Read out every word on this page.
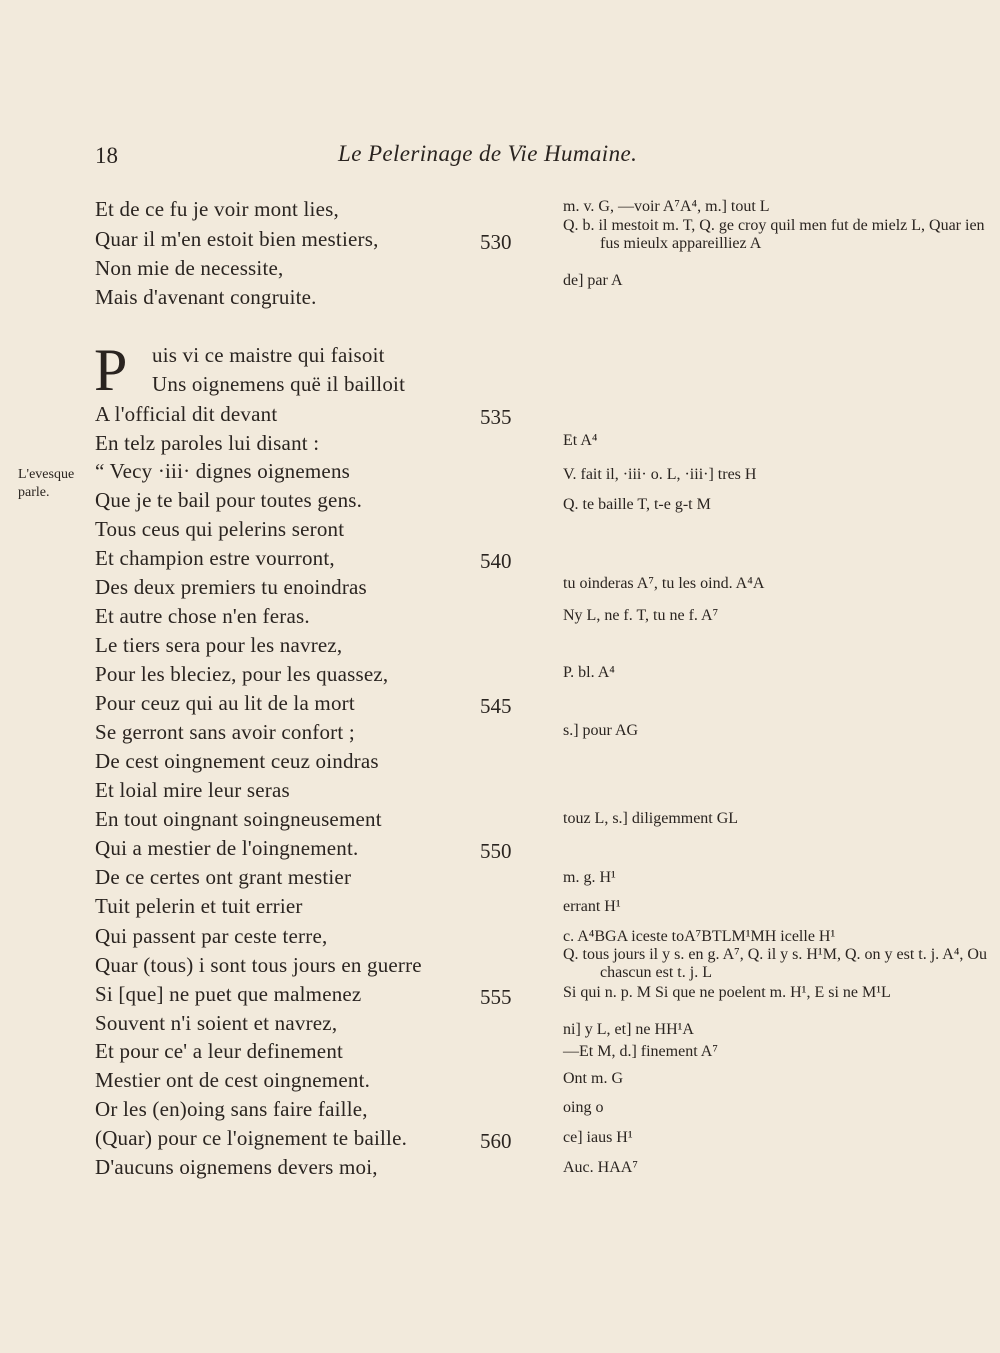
18	Le Pelerinage de Vie Humaine.
L'evesque parle.
P
Et de ce fu je voir mont lies,
Quar il m'en estoit bien mestiers,	530
Non mie de necessite,
Mais d'avenant congruite.
uis vi ce maistre qui faisoit
Uns oignemens quë il bailloit
A l'official dit devant	535
En telz paroles lui disant :
“ Vecy ·iii· dignes oignemens
Que je te bail pour toutes gens.
Tous ceus qui pelerins seront
Et champion estre vourront,	540
Des deux premiers tu enoindras
Et autre chose n'en feras.
Le tiers sera pour les navrez,
Pour les bleciez, pour les quassez,
Pour ceuz qui au lit de la mort	545
Se gerront sans avoir confort ;
De cest oingnement ceuz oindras
Et loial mire leur seras
En tout oingnant soingneusement
Qui a mestier de l'oingnement.	550
De ce certes ont grant mestier
Tuit pelerin et tuit errier
Qui passent par ceste terre,
Quar (tous) i sont tous jours en guerre
Si [que] ne puet que malmenez	555
Souvent n'i soient et navrez,
Et pour ce' a leur definement
Mestier ont de cest oingnement.
Or les (en)oing sans faire faille,
(Quar) pour ce l'oignement te baille.	560
D'aucuns oignemens devers moi,
m. v. G, —voir A⁷A⁴, m.] tout L
Q. b. il mestoit m. T, Q. ge croy quil men fut de mielz L, Quar ien fus mieulx appareilliez A
de] par A
Et A⁴
V. fait il, ·iii· o. L, ·iii·] tres H
Q. te baille T, t-e g-t M
tu oinderas A⁷, tu les oind. A⁴A
Ny L, ne f. T, tu ne f. A⁷
P. bl. A⁴
s.] pour AG
touz L, s.] diligemment GL
m. g. H¹
errant H¹
c. A⁴BGA iceste toA⁷BTLM¹MH icelle H¹
Q. tous jours il y s. en g. A⁷, Q. il y s. H¹M, Q. on y est t. j. A⁴, Ou chascun est t. j. L
Si qui n. p. M Si que ne poelent m. H¹, E si ne M¹L
ni] y L, et] ne HH¹A
—Et M, d.] finement A⁷
Ont m. G
oing o
ce] iaus H¹
Auc. HAA⁷
